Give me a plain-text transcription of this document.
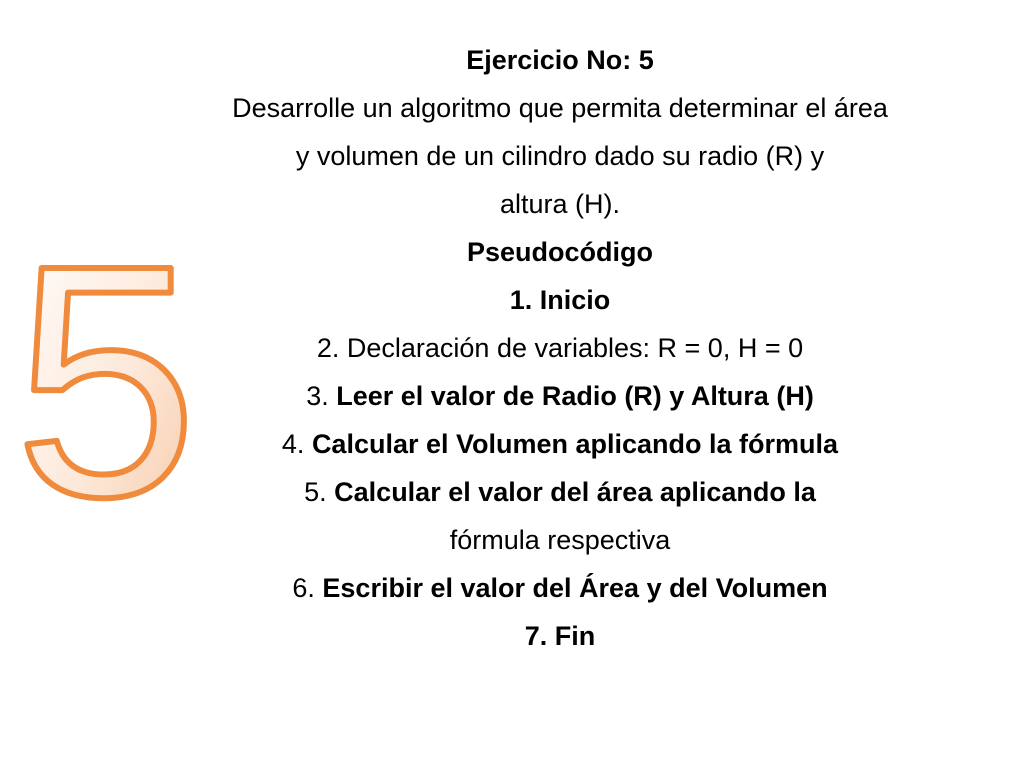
5
Ejercicio No: 5
Desarrolle un algoritmo que permita determinar el área
y volumen de un cilindro dado su radio (R) y
altura (H).
Pseudocódigo
1. Inicio
2. Declaración de variables: R = 0, H = 0
3. Leer el valor de Radio (R) y Altura (H)
4. Calcular el Volumen aplicando la fórmula
5. Calcular el valor del área aplicando la
fórmula respectiva
6. Escribir el valor del Área y del Volumen
7. Fin
